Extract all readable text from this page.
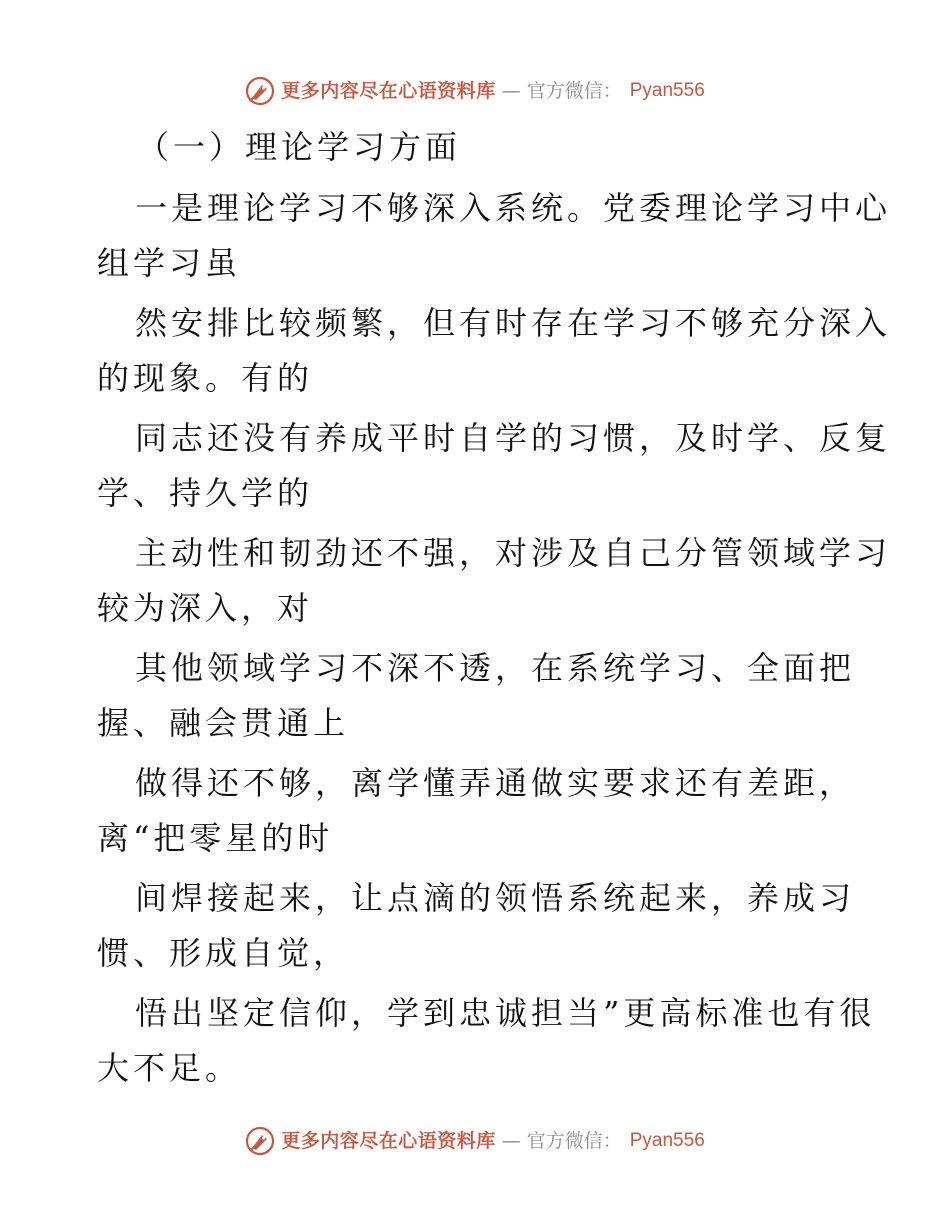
更多内容尽在心语资料库 — 官方微信： Pyan556
（一）理论学习方面

一是理论学习不够深入系统。党委理论学习中心
组学习虽

然安排比较频繁，但有时存在学习不够充分深入
的现象。有的

同志还没有养成平时自学的习惯，及时学、反复
学、持久学的

主动性和韧劲还不强，对涉及自己分管领域学习
较为深入，对

其他领域学习不深不透，在系统学习、全面把
握、融会贯通上

做得还不够，离学懂弄通做实要求还有差距，
离“把零星的时

间焊接起来，让点滴的领悟系统起来，养成习
惯、形成自觉，

悟出坚定信仰，学到忠诚担当”更高标准也有很
大不足。

更多内容尽在心语资料库 — 官方微信： Pyan556
